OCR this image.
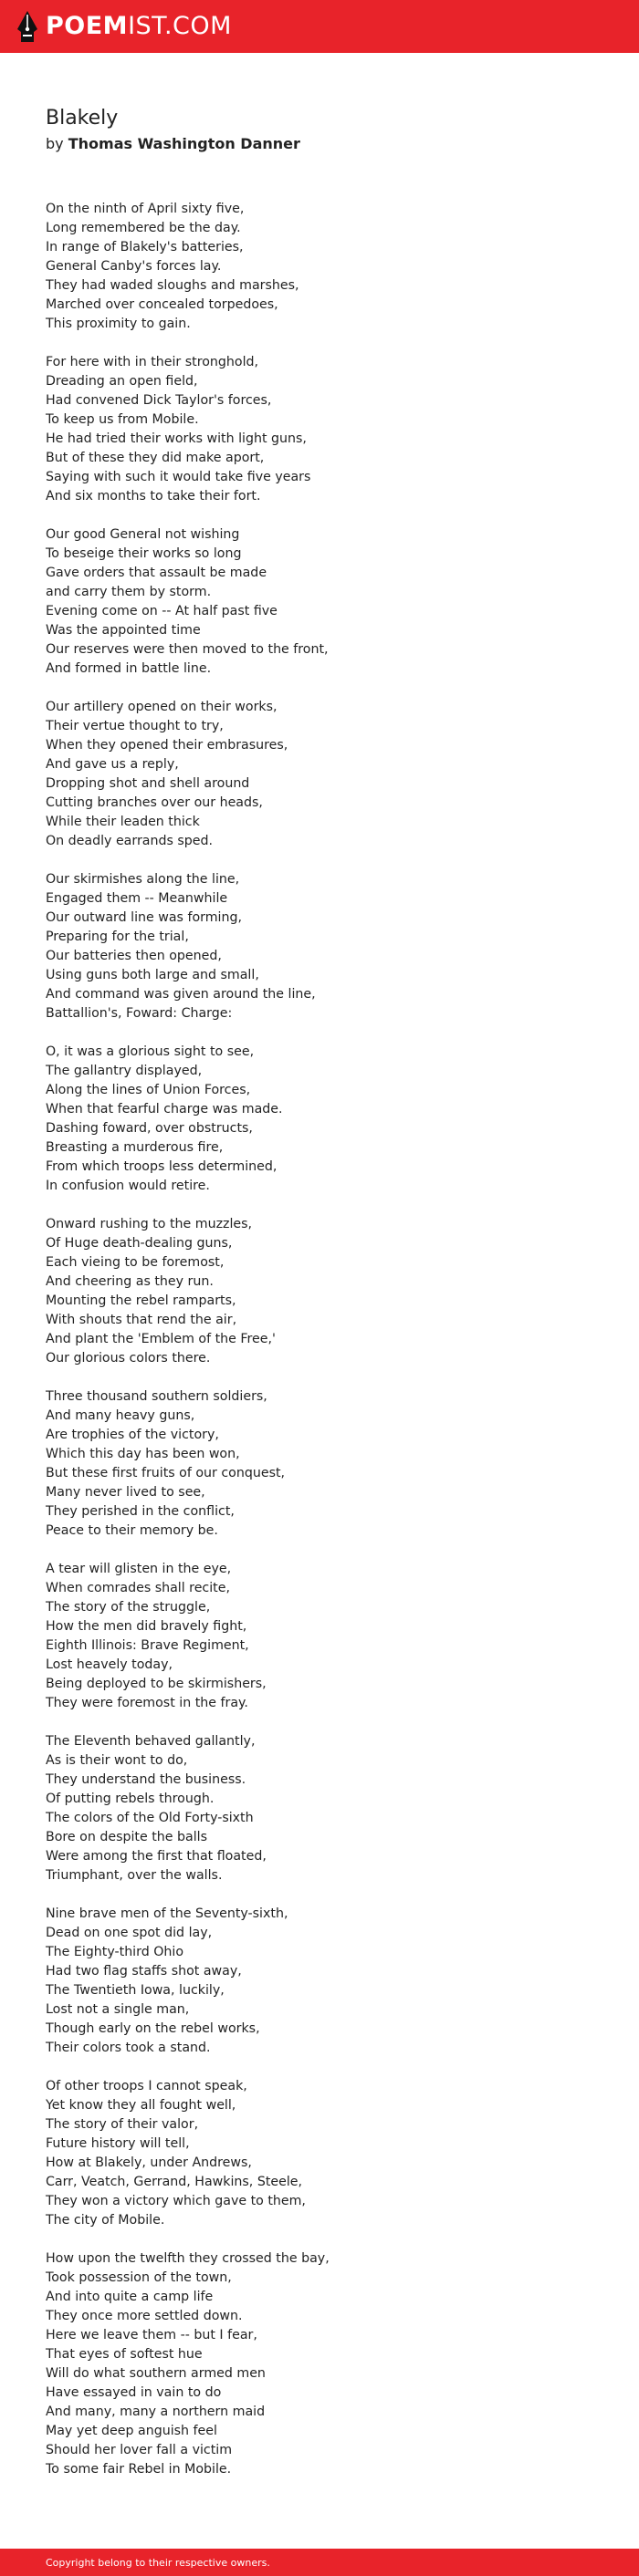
POEMIST.COM
Blakely
by Thomas Washington Danner
On the ninth of April sixty five,
Long remembered be the day.
In range of Blakely's batteries,
General Canby's forces lay.
They had waded sloughs and marshes,
Marched over concealed torpedoes,
This proximity to gain.
For here with in their stronghold,
Dreading an open field,
Had convened Dick Taylor's forces,
To keep us from Mobile.
He had tried their works with light guns,
But of these they did make aport,
Saying with such it would take five years
And six months to take their fort.
Our good General not wishing
To beseige their works so long
Gave orders that assault be made
and carry them by storm.
Evening come on -- At half past five
Was the appointed time
Our reserves were then moved to the front,
And formed in battle line.
Our artillery opened on their works,
Their vertue thought to try,
When they opened their embrasures,
And gave us a reply,
Dropping shot and shell around
Cutting branches over our heads,
While their leaden thick
On deadly earrands sped.
Our skirmishes along the line,
Engaged them -- Meanwhile
Our outward line was forming,
Preparing for the trial,
Our batteries then opened,
Using guns both large and small,
And command was given around the line,
Battallion's, Foward: Charge:
O, it was a glorious sight to see,
The gallantry displayed,
Along the lines of Union Forces,
When that fearful charge was made.
Dashing foward, over obstructs,
Breasting a murderous fire,
From which troops less determined,
In confusion would retire.
Onward rushing to the muzzles,
Of Huge death-dealing guns,
Each vieing to be foremost,
And cheering as they run.
Mounting the rebel ramparts,
With shouts that rend the air,
And plant the 'Emblem of the Free,'
Our glorious colors there.
Three thousand southern soldiers,
And many heavy guns,
Are trophies of the victory,
Which this day has been won,
But these first fruits of our conquest,
Many never lived to see,
They perished in the conflict,
Peace to their memory be.
A tear will glisten in the eye,
When comrades shall recite,
The story of the struggle,
How the men did bravely fight,
Eighth Illinois: Brave Regiment,
Lost heavely today,
Being deployed to be skirmishers,
They were foremost in the fray.
The Eleventh behaved gallantly,
As is their wont to do,
They understand the business.
Of putting rebels through.
The colors of the Old Forty-sixth
Bore on despite the balls
Were among the first that floated,
Triumphant, over the walls.
Nine brave men of the Seventy-sixth,
Dead on one spot did lay,
The Eighty-third Ohio
Had two flag staffs shot away,
The Twentieth Iowa, luckily,
Lost not a single man,
Though early on the rebel works,
Their colors took a stand.
Of other troops I cannot speak,
Yet know they all fought well,
The story of their valor,
Future history will tell,
How at Blakely, under Andrews,
Carr, Veatch, Gerrand, Hawkins, Steele,
They won a victory which gave to them,
The city of Mobile.
How upon the twelfth they crossed the bay,
Took possession of the town,
And into quite a camp life
They once more settled down.
Here we leave them -- but I fear,
That eyes of softest hue
Will do what southern armed men
Have essayed in vain to do
And many, many a northern maid
May yet deep anguish feel
Should her lover fall a victim
To some fair Rebel in Mobile.
Copyright belong to their respective owners.
